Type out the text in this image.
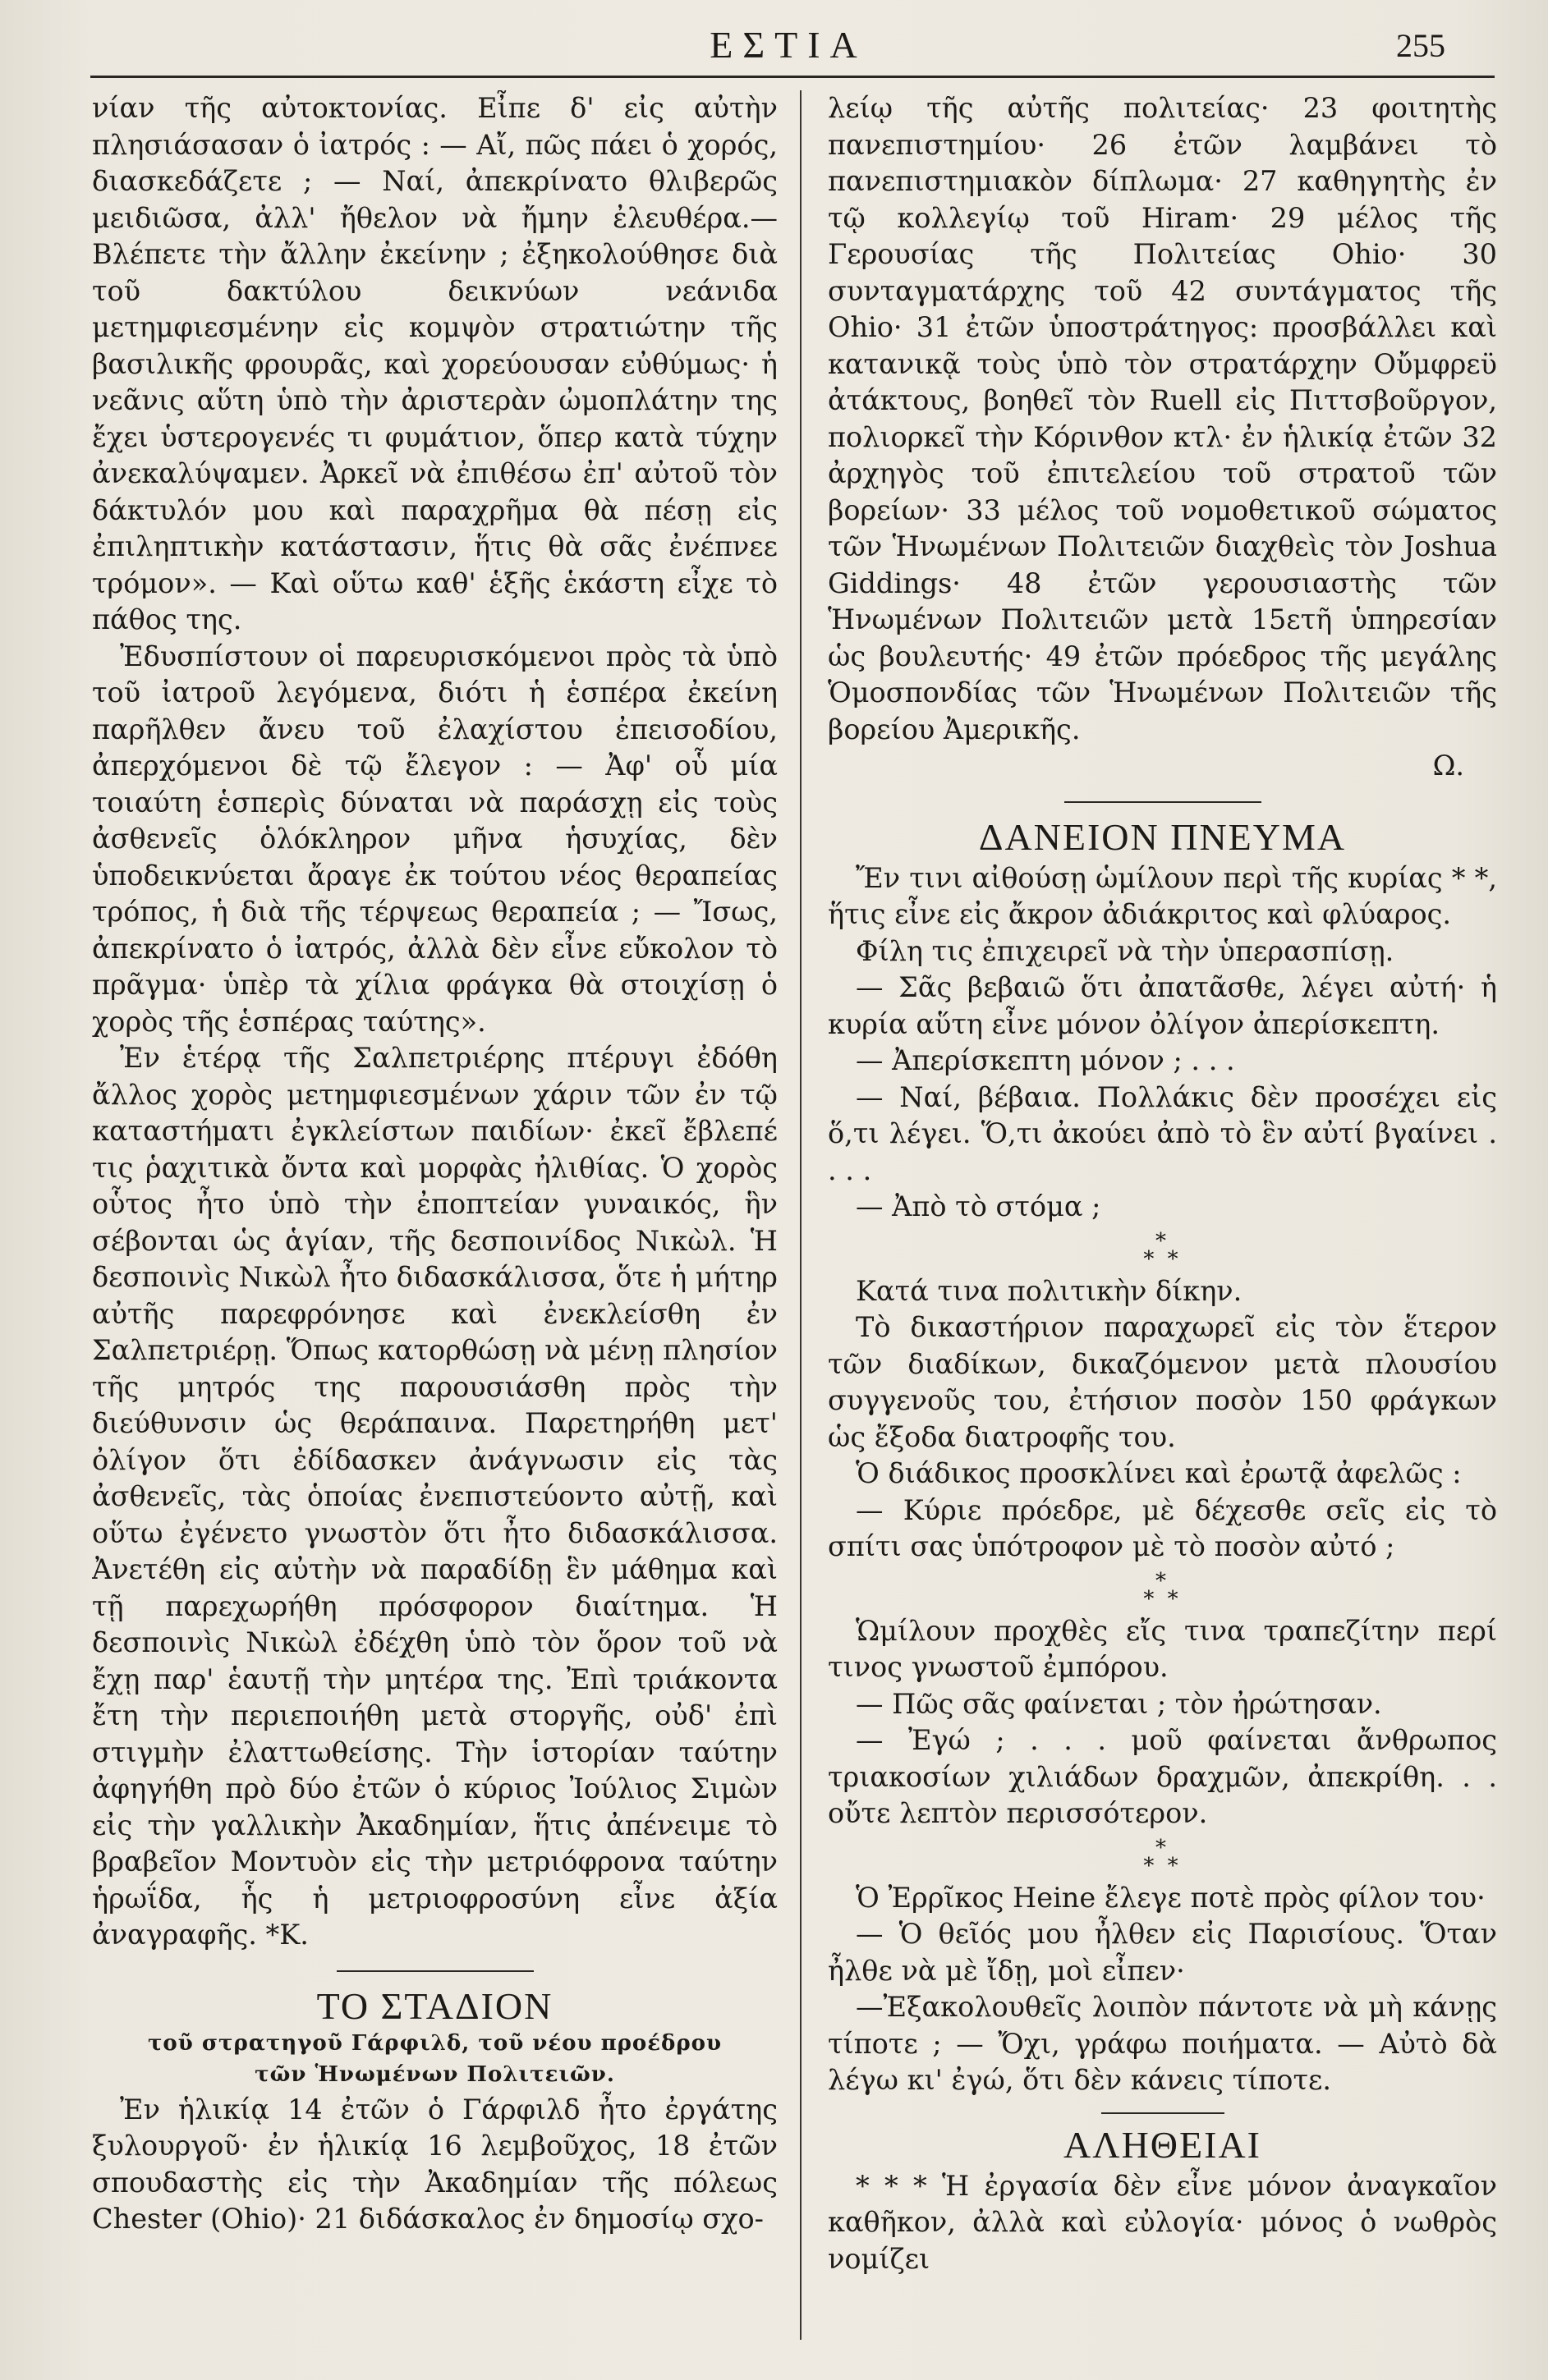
ΕΣΤΙΑ	255

νίαν τῆς αὐτοκτονίας. Εἶπε δ' εἰς αὐτὴν πλησιάσασαν ὁ ἰατρός : — Αἴ, πῶς πάει ὁ χορός, διασκεδάζετε ; — Ναί, ἀπεκρίνατο θλιβερῶς μειδιῶσα, ἀλλ' ἤθελον νὰ ἤμην ἐλευθέρα.— Βλέπετε τὴν ἄλλην ἐκείνην ; ἐξηκολούθησε διὰ τοῦ δακτύλου δεικνύων νεάνιδα μετημφιεσμένην εἰς κομψὸν στρατιώτην τῆς βασιλικῆς φρουρᾶς, καὶ χορεύουσαν εὐθύμως· ἡ νεᾶνις αὕτη ὑπὸ τὴν ἀριστερὰν ὠμοπλάτην της ἔχει ὑστερογενές τι φυμάτιον, ὅπερ κατὰ τύχην ἀνεκαλύψαμεν. Ἀρκεῖ νὰ ἐπιθέσω ἐπ' αὐτοῦ τὸν δάκτυλόν μου καὶ παραχρῆμα θὰ πέσῃ εἰς ἐπιληπτικὴν κατάστασιν, ἥτις θὰ σᾶς ἐνέπνεε τρόμον». — Καὶ οὕτω καθ' ἑξῆς ἑκάστη εἶχε τὸ πάθος της.

Ἐδυσπίστουν οἱ παρευρισκόμενοι πρὸς τὰ ὑπὸ τοῦ ἰατροῦ λεγόμενα, διότι ἡ ἑσπέρα ἐκείνη παρῆλθεν ἄνευ τοῦ ἐλαχίστου ἐπεισοδίου, ἀπερχόμενοι δὲ τῷ ἔλεγον : — Ἀφ' οὗ μία τοιαύτη ἑσπερὶς δύναται νὰ παράσχῃ εἰς τοὺς ἀσθενεῖς ὁλόκληρον μῆνα ἡσυχίας, δὲν ὑποδεικνύεται ἄραγε ἐκ τούτου νέος θεραπείας τρόπος, ἡ διὰ τῆς τέρψεως θεραπεία ; — Ἴσως, ἀπεκρίνατο ὁ ἰατρός, ἀλλὰ δὲν εἶνε εὔκολον τὸ πρᾶγμα· ὑπὲρ τὰ χίλια φράγκα θὰ στοιχίσῃ ὁ χορὸς τῆς ἑσπέρας ταύτης».

Ἐν ἑτέρᾳ τῆς Σαλπετριέρης πτέρυγι ἐδόθη ἄλλος χορὸς μετημφιεσμένων χάριν τῶν ἐν τῷ καταστήματι ἐγκλείστων παιδίων· ἐκεῖ ἔβλεπέ τις ῥαχιτικὰ ὄντα καὶ μορφὰς ἠλιθίας. Ὁ χορὸς οὗτος ἦτο ὑπὸ τὴν ἐποπτείαν γυναικός, ἣν σέβονται ὡς ἁγίαν, τῆς δεσποινίδος Νικὼλ. Ἡ δεσποινὶς Νικὼλ ἦτο διδασκάλισσα, ὅτε ἡ μήτηρ αὐτῆς παρεφρόνησε καὶ ἐνεκλείσθη ἐν Σαλπετριέρῃ. Ὅπως κατορθώσῃ νὰ μένῃ πλησίον τῆς μητρός της παρουσιάσθη πρὸς τὴν διεύθυνσιν ὡς θεράπαινα. Παρετηρήθη μετ' ὀλίγον ὅτι ἐδίδασκεν ἀνάγνωσιν εἰς τὰς ἀσθενεῖς, τὰς ὁποίας ἐνεπιστεύοντο αὐτῇ, καὶ οὕτω ἐγένετο γνωστὸν ὅτι ἦτο διδασκάλισσα. Ἀνετέθη εἰς αὐτὴν νὰ παραδίδῃ ἓν μάθημα καὶ τῇ παρεχωρήθη πρόσφορον διαίτημα. Ἡ δεσποινὶς Νικὼλ ἐδέχθη ὑπὸ τὸν ὅρον τοῦ νὰ ἔχῃ παρ' ἑαυτῇ τὴν μητέρα της. Ἐπὶ τριάκοντα ἔτη τὴν περιεποιήθη μετὰ στοργῆς, οὐδ' ἐπὶ στιγμὴν ἐλαττωθείσης. Τὴν ἱστορίαν ταύτην ἀφηγήθη πρὸ δύο ἐτῶν ὁ κύριος Ἰούλιος Σιμὼν εἰς τὴν γαλλικὴν Ἀκαδημίαν, ἥτις ἀπένειμε τὸ βραβεῖον Μοντυὸν εἰς τὴν μετριόφρονα ταύτην ἡρωΐδα, ἧς ἡ μετριοφροσύνη εἶνε ἀξία ἀναγραφῆς. *Κ.

ΤΟ ΣΤΑΔΙΟΝ
τοῦ στρατηγοῦ Γάρφιλδ, τοῦ νέου προέδρου
τῶν Ἡνωμένων Πολιτειῶν.

Ἐν ἡλικίᾳ 14 ἐτῶν ὁ Γάρφιλδ ἦτο ἐργάτης ξυλουργοῦ· ἐν ἡλικίᾳ 16 λεμβοῦχος, 18 ἐτῶν σπουδαστὴς εἰς τὴν Ἀκαδημίαν τῆς πόλεως Chester (Ohio)· 21 διδάσκαλος ἐν δημοσίῳ σχο-

λείῳ τῆς αὐτῆς πολιτείας· 23 φοιτητὴς πανεπιστημίου· 26 ἐτῶν λαμβάνει τὸ πανεπιστημιακὸν δίπλωμα· 27 καθηγητὴς ἐν τῷ κολλεγίῳ τοῦ Hiram· 29 μέλος τῆς Γερουσίας τῆς Πολιτείας Ohio· 30 συνταγματάρχης τοῦ 42 συντάγματος τῆς Ohio· 31 ἐτῶν ὑποστράτηγος: προσβάλλει καὶ κατανικᾷ τοὺς ὑπὸ τὸν στρατάρχην Οὔμφρεϋ ἀτάκτους, βοηθεῖ τὸν Ruell εἰς Πιττσβοῦργον, πολιορκεῖ τὴν Κόρινθον κτλ· ἐν ἡλικίᾳ ἐτῶν 32 ἀρχηγὸς τοῦ ἐπιτελείου τοῦ στρατοῦ τῶν βορείων· 33 μέλος τοῦ νομοθετικοῦ σώματος τῶν Ἡνωμένων Πολιτειῶν διαχθεὶς τὸν Joshua Giddings· 48 ἐτῶν γερουσιαστὴς τῶν Ἡνωμένων Πολιτειῶν μετὰ 15ετῆ ὑπηρεσίαν ὡς βουλευτής· 49 ἐτῶν πρόεδρος τῆς μεγάλης Ὁμοσπονδίας τῶν Ἡνωμένων Πολιτειῶν τῆς βορείου Ἀμερικῆς.

Ω.

ΔΑΝΕΙΟΝ ΠΝΕΥΜΑ

Ἔν τινι αἰθούσῃ ὡμίλουν περὶ τῆς κυρίας * *, ἥτις εἶνε εἰς ἄκρον ἀδιάκριτος καὶ φλύαρος.

Φίλη τις ἐπιχειρεῖ νὰ τὴν ὑπερασπίσῃ.

— Σᾶς βεβαιῶ ὅτι ἀπατᾶσθε, λέγει αὐτή· ἡ κυρία αὕτη εἶνε μόνον ὀλίγον ἀπερίσκεπτη.

— Ἀπερίσκεπτη μόνον ; . . .

— Ναί, βέβαια. Πολλάκις δὲν προσέχει εἰς ὅ,τι λέγει. Ὅ,τι ἀκούει ἀπὸ τὸ ἓν αὐτί βγαίνει . . . .

— Ἀπὸ τὸ στόμα ;

*
* *

Κατά τινα πολιτικὴν δίκην.

Τὸ δικαστήριον παραχωρεῖ εἰς τὸν ἕτερον τῶν διαδίκων, δικαζόμενον μετὰ πλουσίου συγγενοῦς του, ἐτήσιον ποσὸν 150 φράγκων ὡς ἔξοδα διατροφῆς του.

Ὁ διάδικος προσκλίνει καὶ ἐρωτᾷ ἀφελῶς :

— Κύριε πρόεδρε, μὲ δέχεσθε σεῖς εἰς τὸ σπίτι σας ὑπότροφον μὲ τὸ ποσὸν αὐτό ;

*
* *

Ὡμίλουν προχθὲς εἴς τινα τραπεζίτην περί τινος γνωστοῦ ἐμπόρου.

— Πῶς σᾶς φαίνεται ; τὸν ἠρώτησαν.

— Ἐγώ ; . . . μοῦ φαίνεται ἄνθρωπος τριακοσίων χιλιάδων δραχμῶν, ἀπεκρίθη. . . οὔτε λεπτὸν περισσότερον.

*
* *

Ὁ Ἐρρῖκος Heine ἔλεγε ποτὲ πρὸς φίλον του·

— Ὁ θεῖός μου ἦλθεν εἰς Παρισίους. Ὅταν ἦλθε νὰ μὲ ἴδῃ, μοὶ εἶπεν·

—Ἐξακολουθεῖς λοιπὸν πάντοτε νὰ μὴ κάνῃς τίποτε ; — Ὄχι, γράφω ποιήματα. — Αὐτὸ δὰ λέγω κι' ἐγώ, ὅτι δὲν κάνεις τίποτε.

ΑΛΗΘΕΙΑΙ

* * * Ἡ ἐργασία δὲν εἶνε μόνον ἀναγκαῖον καθῆκον, ἀλλὰ καὶ εὐλογία· μόνος ὁ νωθρὸς νομίζει
